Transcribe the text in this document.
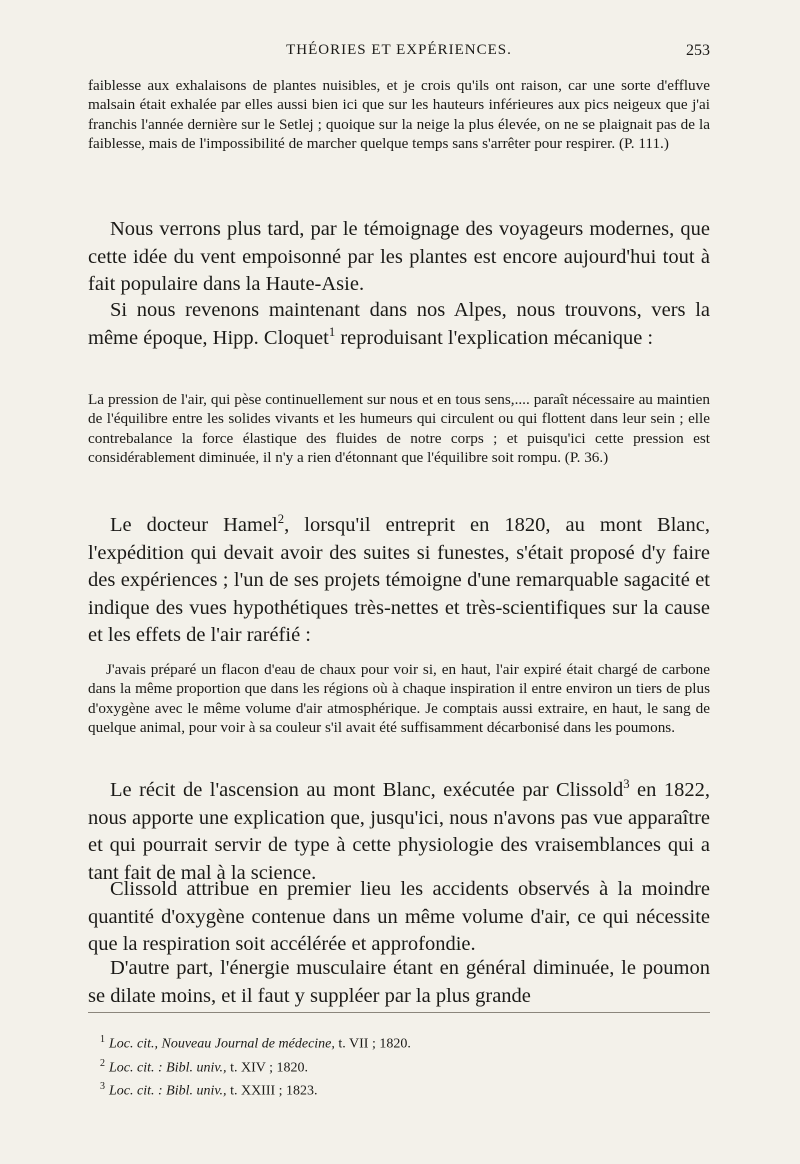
THÉORIES ET EXPÉRIENCES.	253

faiblesse aux exhalaisons de plantes nuisibles, et je crois qu'ils ont raison, car une sorte d'effluve malsain était exhalée par elles aussi bien ici que sur les hauteurs inférieures aux pics neigeux que j'ai franchis l'année dernière sur le Setlej ; quoique sur la neige la plus élevée, on ne se plaignait pas de la faiblesse, mais de l'impossibilité de marcher quelque temps sans s'arrêter pour respirer. (P. 111.)

Nous verrons plus tard, par le témoignage des voyageurs modernes, que cette idée du vent empoisonné par les plantes est encore aujourd'hui tout à fait populaire dans la Haute-Asie.

Si nous revenons maintenant dans nos Alpes, nous trouvons, vers la même époque, Hipp. Cloquet$^1$ reproduisant l'explication mécanique :

La pression de l'air, qui pèse continuellement sur nous et en tous sens,.... paraît nécessaire au maintien de l'équilibre entre les solides vivants et les humeurs qui circulent ou qui flottent dans leur sein ; elle contrebalance la force élastique des fluides de notre corps ; et puisqu'ici cette pression est considérablement diminuée, il n'y a rien d'étonnant que l'équilibre soit rompu. (P. 36.)

Le docteur Hamel$^2$, lorsqu'il entreprit en 1820, au mont Blanc, l'expédition qui devait avoir des suites si funestes, s'était proposé d'y faire des expériences ; l'un de ses projets témoigne d'une remarquable sagacité et indique des vues hypothétiques très-nettes et très-scientifiques sur la cause et les effets de l'air raréfié :

J'avais préparé un flacon d'eau de chaux pour voir si, en haut, l'air expiré était chargé de carbone dans la même proportion que dans les régions où à chaque inspiration il entre environ un tiers de plus d'oxygène avec le même volume d'air atmosphérique. Je comptais aussi extraire, en haut, le sang de quelque animal, pour voir à sa couleur s'il avait été suffisamment décarbonisé dans les poumons.

Le récit de l'ascension au mont Blanc, exécutée par Clissold$^3$ en 1822, nous apporte une explication que, jusqu'ici, nous n'avons pas vue apparaître et qui pourrait servir de type à cette physiologie des vraisemblances qui a tant fait de mal à la science.

Clissold attribue en premier lieu les accidents observés à la moindre quantité d'oxygène contenue dans un même volume d'air, ce qui nécessite que la respiration soit accélérée et approfondie.

D'autre part, l'énergie musculaire étant en général diminuée, le poumon se dilate moins, et il faut y suppléer par la plus grande

$^1$ Loc. cit., Nouveau Journal de médecine, t. VII ; 1820.
$^2$ Loc. cit. : Bibl. univ., t. XIV ; 1820.
$^3$ Loc. cit. : Bibl. univ., t. XXIII ; 1823.
